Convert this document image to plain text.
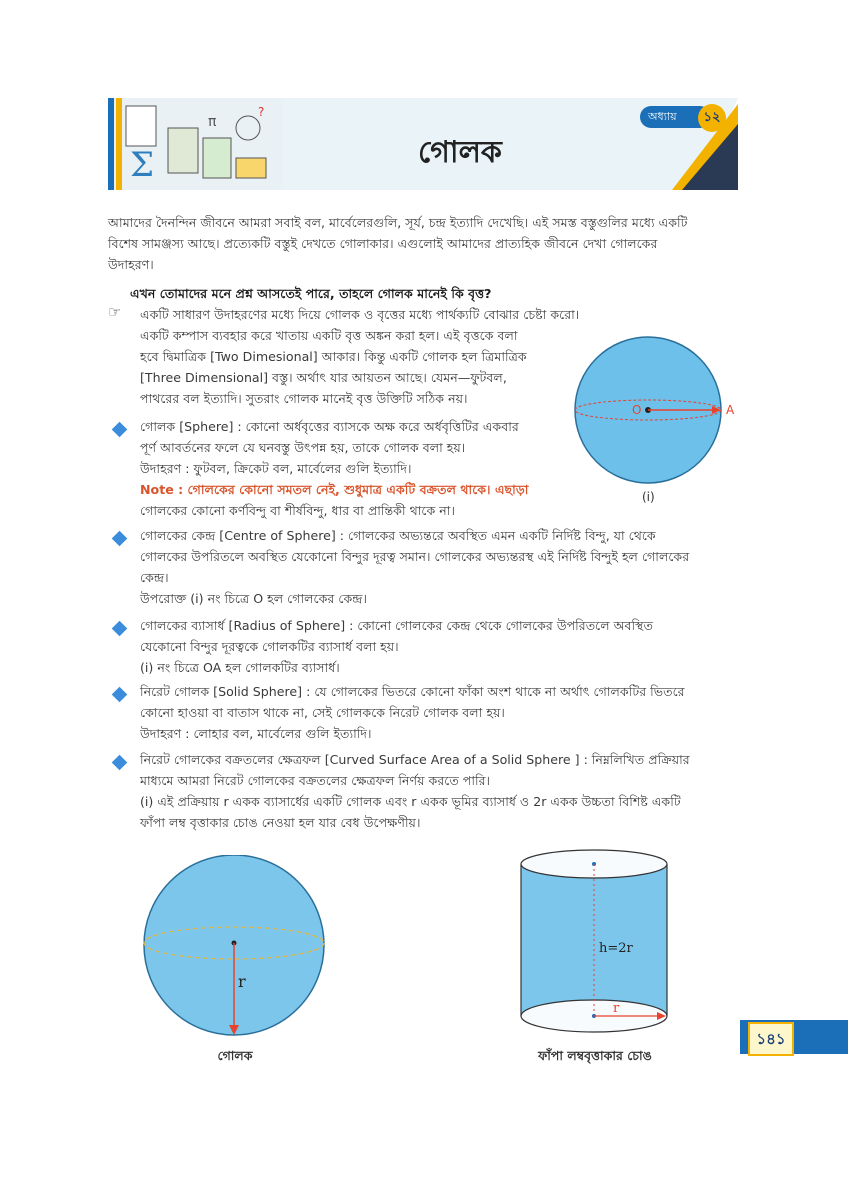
Σ
π
?
গোলক
অধ্যায়	১২
আমাদের দৈনন্দিন জীবনে আমরা সবাই বল, মার্বেলেরগুলি, সূর্য, চন্দ্র ইত্যাদি দেখেছি। এই সমস্ত বস্তুগুলির মধ্যে একটি
বিশেষ সামঞ্জস্য আছে। প্রত্যেকটি বস্তুই দেখতে গোলাকার। এগুলোই আমাদের প্রাত্যহিক জীবনে দেখা গোলকের
উদাহরণ।
এখন তোমাদের মনে প্রশ্ন আসতেই পারে, তাহলে গোলক মানেই কি বৃত্ত?
☞ একটি সাধারণ উদাহরণের মধ্যে দিয়ে গোলক ও বৃত্তের মধ্যে পার্থক্যটি বোঝার চেষ্টা করো।
একটি কম্পাস ব্যবহার করে খাতায় একটি বৃত্ত অঙ্কন করা হল। এই বৃত্তকে বলা
হবে দ্বিমাত্রিক [Two Dimesional] আকার। কিন্তু একটি গোলক হল ত্রিমাত্রিক
[Three Dimensional] বস্তু। অর্থাৎ যার আয়তন আছে। যেমন—ফুটবল,
পাথরের বল ইত্যাদি। সুতরাং গোলক মানেই বৃত্ত উক্তিটি সঠিক নয়।
O	A
(i)
গোলক [Sphere] : কোনো অর্ধবৃত্তের ব্যাসকে অক্ষ করে অর্ধবৃত্তিটির একবার
পূর্ণ আবর্তনের ফলে যে ঘনবস্তু উৎপন্ন হয়, তাকে গোলক বলা হয়।
উদাহরণ : ফুটবল, ক্রিকেট বল, মার্বেলের গুলি ইত্যাদি।
Note : গোলকের কোনো সমতল নেই, শুধুমাত্র একটি বক্রতল থাকে। এছাড়া
গোলকের কোনো কর্ণবিন্দু বা শীর্ষবিন্দু, ধার বা প্রান্তিকী থাকে না।
গোলকের কেন্দ্র [Centre of Sphere] : গোলকের অভ্যন্তরে অবস্থিত এমন একটি নির্দিষ্ট বিন্দু, যা থেকে
গোলকের উপরিতলে অবস্থিত যেকোনো বিন্দুর দূরত্ব সমান। গোলকের অভ্যন্তরস্থ এই নির্দিষ্ট বিন্দুই হল গোলকের
কেন্দ্র।
উপরোক্ত (i) নং চিত্রে O হল গোলকের কেন্দ্র।
গোলকের ব্যাসার্ধ [Radius of Sphere] : কোনো গোলকের কেন্দ্র থেকে গোলকের উপরিতলে অবস্থিত
যেকোনো বিন্দুর দূরত্বকে গোলকটির ব্যাসার্ধ বলা হয়।
(i) নং চিত্রে OA হল গোলকটির ব্যাসার্ধ।
নিরেট গোলক [Solid Sphere] : যে গোলকের ভিতরে কোনো ফাঁকা অংশ থাকে না অর্থাৎ গোলকটির ভিতরে
কোনো হাওয়া বা বাতাস থাকে না, সেই গোলককে নিরেট গোলক বলা হয়।
উদাহরণ : লোহার বল, মার্বেলের গুলি ইত্যাদি।
নিরেট গোলকের বক্রতলের ক্ষেত্রফল [Curved Surface Area of a Solid Sphere ] : নিম্নলিখিত প্রক্রিয়ার
মাধ্যমে আমরা নিরেট গোলকের বক্রতলের ক্ষেত্রফল নির্ণয় করতে পারি।
(i) এই প্রক্রিয়ায় r একক ব্যাসার্ধের একটি গোলক এবং r একক ভূমির ব্যাসার্ধ ও 2r একক উচ্চতা বিশিষ্ট একটি
ফাঁপা লম্ব বৃত্তাকার চোঙ নেওয়া হল যার বেধ উপেক্ষণীয়।
r
গোলক
h=2r
r
ফাঁপা লম্ববৃত্তাকার চোঙ
১৪১
